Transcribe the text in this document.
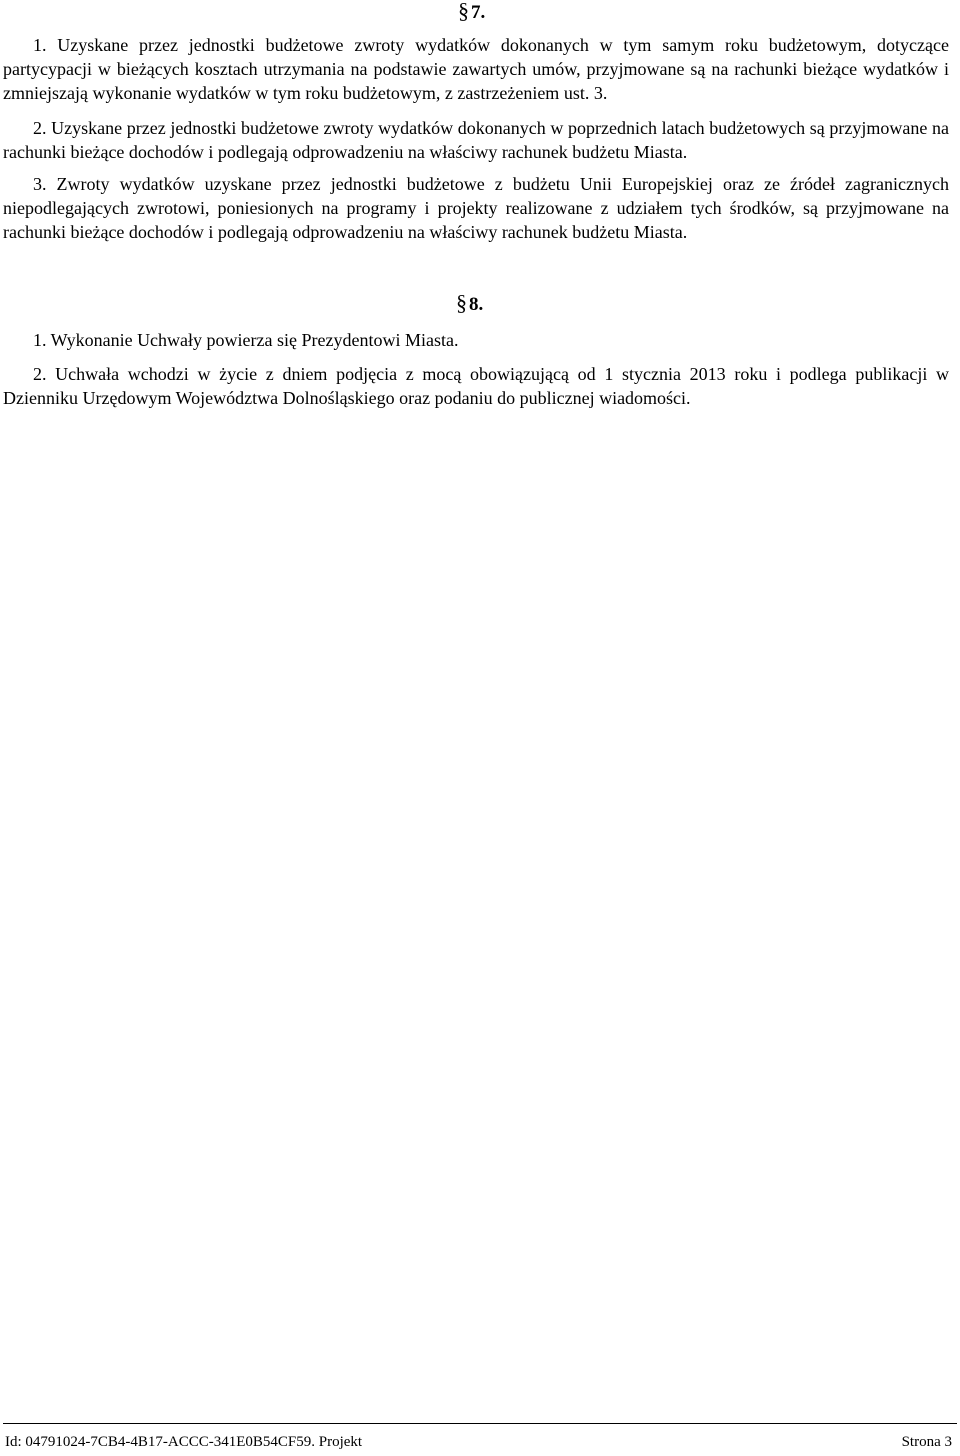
§ 7.

1. Uzyskane przez jednostki budżetowe zwroty wydatków dokonanych w tym samym roku budżetowym, dotyczące partycypacji w bieżących kosztach utrzymania na podstawie zawartych umów, przyjmowane są na rachunki bieżące wydatków i zmniejszają wykonanie wydatków w tym roku budżetowym, z zastrzeżeniem ust. 3.

2. Uzyskane przez jednostki budżetowe zwroty wydatków dokonanych w poprzednich latach budżetowych są przyjmowane na rachunki bieżące dochodów i podlegają odprowadzeniu na właściwy rachunek budżetu Miasta.

3. Zwroty wydatków uzyskane przez jednostki budżetowe z budżetu Unii Europejskiej oraz ze źródeł zagranicznych niepodlegających zwrotowi, poniesionych na programy i projekty realizowane z udziałem tych środków, są przyjmowane na rachunki bieżące dochodów i podlegają odprowadzeniu na właściwy rachunek budżetu Miasta.

§ 8.

1. Wykonanie Uchwały powierza się Prezydentowi Miasta.

2. Uchwała wchodzi w życie z dniem podjęcia z mocą obowiązującą od 1 stycznia 2013 roku i podlega publikacji w Dzienniku Urzędowym Województwa Dolnośląskiego oraz podaniu do publicznej wiadomości.

Id: 04791024-7CB4-4B17-ACCC-341E0B54CF59. Projekt	Strona 3
